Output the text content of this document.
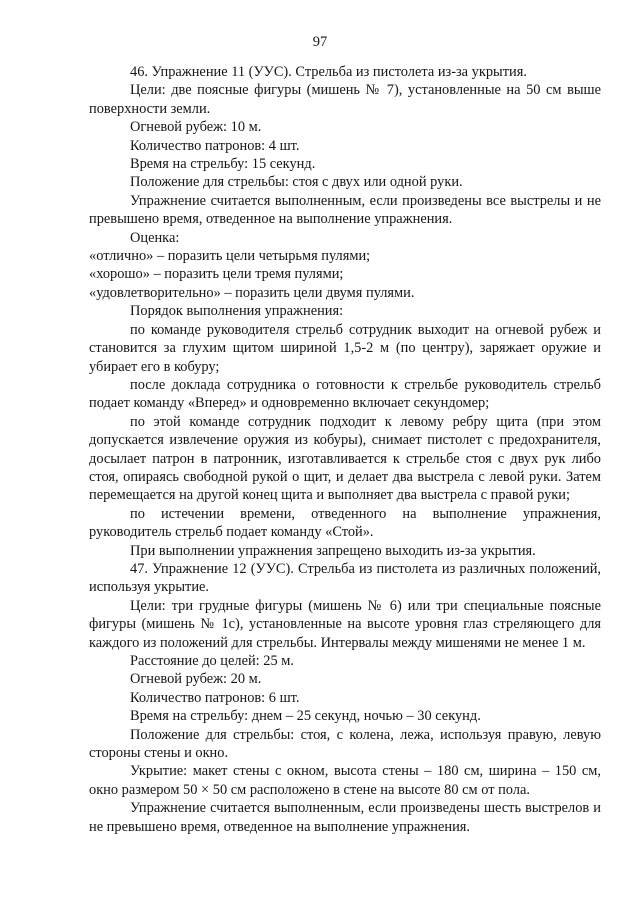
97

46. Упражнение 11 (УУС). Стрельба из пистолета из-за укрытия.

Цели: две поясные фигуры (мишень № 7), установленные на 50 см выше поверхности земли.

Огневой рубеж: 10 м.

Количество патронов: 4 шт.

Время на стрельбу: 15 секунд.

Положение для стрельбы: стоя с двух или одной руки.

Упражнение считается выполненным, если произведены все выстрелы и не превышено время, отведенное на выполнение упражнения.

Оценка:

«отлично» – поразить цели четырьмя пулями;

«хорошо» – поразить цели тремя пулями;

«удовлетворительно» – поразить цели двумя пулями.

Порядок выполнения упражнения:

по команде руководителя стрельб сотрудник выходит на огневой рубеж и становится за глухим щитом шириной 1,5-2 м (по центру), заряжает оружие и убирает его в кобуру;

после доклада сотрудника о готовности к стрельбе руководитель стрельб подает команду «Вперед» и одновременно включает секундомер;

по этой команде сотрудник подходит к левому ребру щита (при этом допускается извлечение оружия из кобуры), снимает пистолет с предохранителя, досылает патрон в патронник, изготавливается к стрельбе стоя с двух рук либо стоя, опираясь свободной рукой о щит, и делает два выстрела с левой руки. Затем перемещается на другой конец щита и выполняет два выстрела с правой руки;

по истечении времени, отведенного на выполнение упражнения, руководитель стрельб подает команду «Стой».

При выполнении упражнения запрещено выходить из-за укрытия.

47. Упражнение 12 (УУС). Стрельба из пистолета из различных положений, используя укрытие.

Цели: три грудные фигуры (мишень № 6) или три специальные поясные фигуры (мишень № 1с), установленные на высоте уровня глаз стреляющего для каждого из положений для стрельбы. Интервалы между мишенями не менее 1 м.

Расстояние до целей: 25 м.

Огневой рубеж: 20 м.

Количество патронов: 6 шт.

Время на стрельбу: днем – 25 секунд, ночью – 30 секунд.

Положение для стрельбы: стоя, с колена, лежа, используя правую, левую стороны стены и окно.

Укрытие: макет стены с окном, высота стены – 180 см, ширина – 150 см, окно размером 50 × 50 см расположено в стене на высоте 80 см от пола.

Упражнение считается выполненным, если произведены шесть выстрелов и не превышено время, отведенное на выполнение упражнения.
